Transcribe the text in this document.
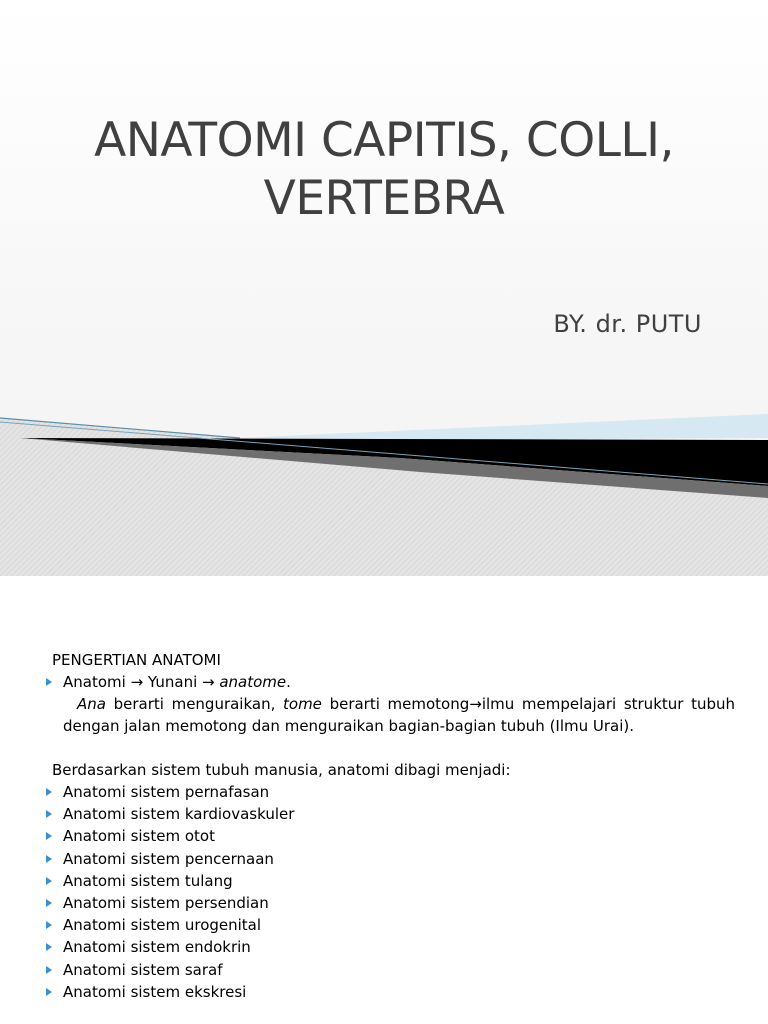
ANATOMI CAPITIS, COLLI,
VERTEBRA
BY. dr. PUTU
PENGERTIAN ANATOMI
Anatomi → Yunani → anatome.
Ana berarti menguraikan, tome berarti memotong→ilmu mempelajari struktur tubuh dengan jalan memotong dan menguraikan bagian-bagian tubuh (Ilmu Urai).
Berdasarkan sistem tubuh manusia, anatomi dibagi menjadi:
Anatomi sistem pernafasan
Anatomi sistem kardiovaskuler
Anatomi sistem otot
Anatomi sistem pencernaan
Anatomi sistem tulang
Anatomi sistem persendian
Anatomi sistem urogenital
Anatomi sistem endokrin
Anatomi sistem saraf
Anatomi sistem ekskresi
